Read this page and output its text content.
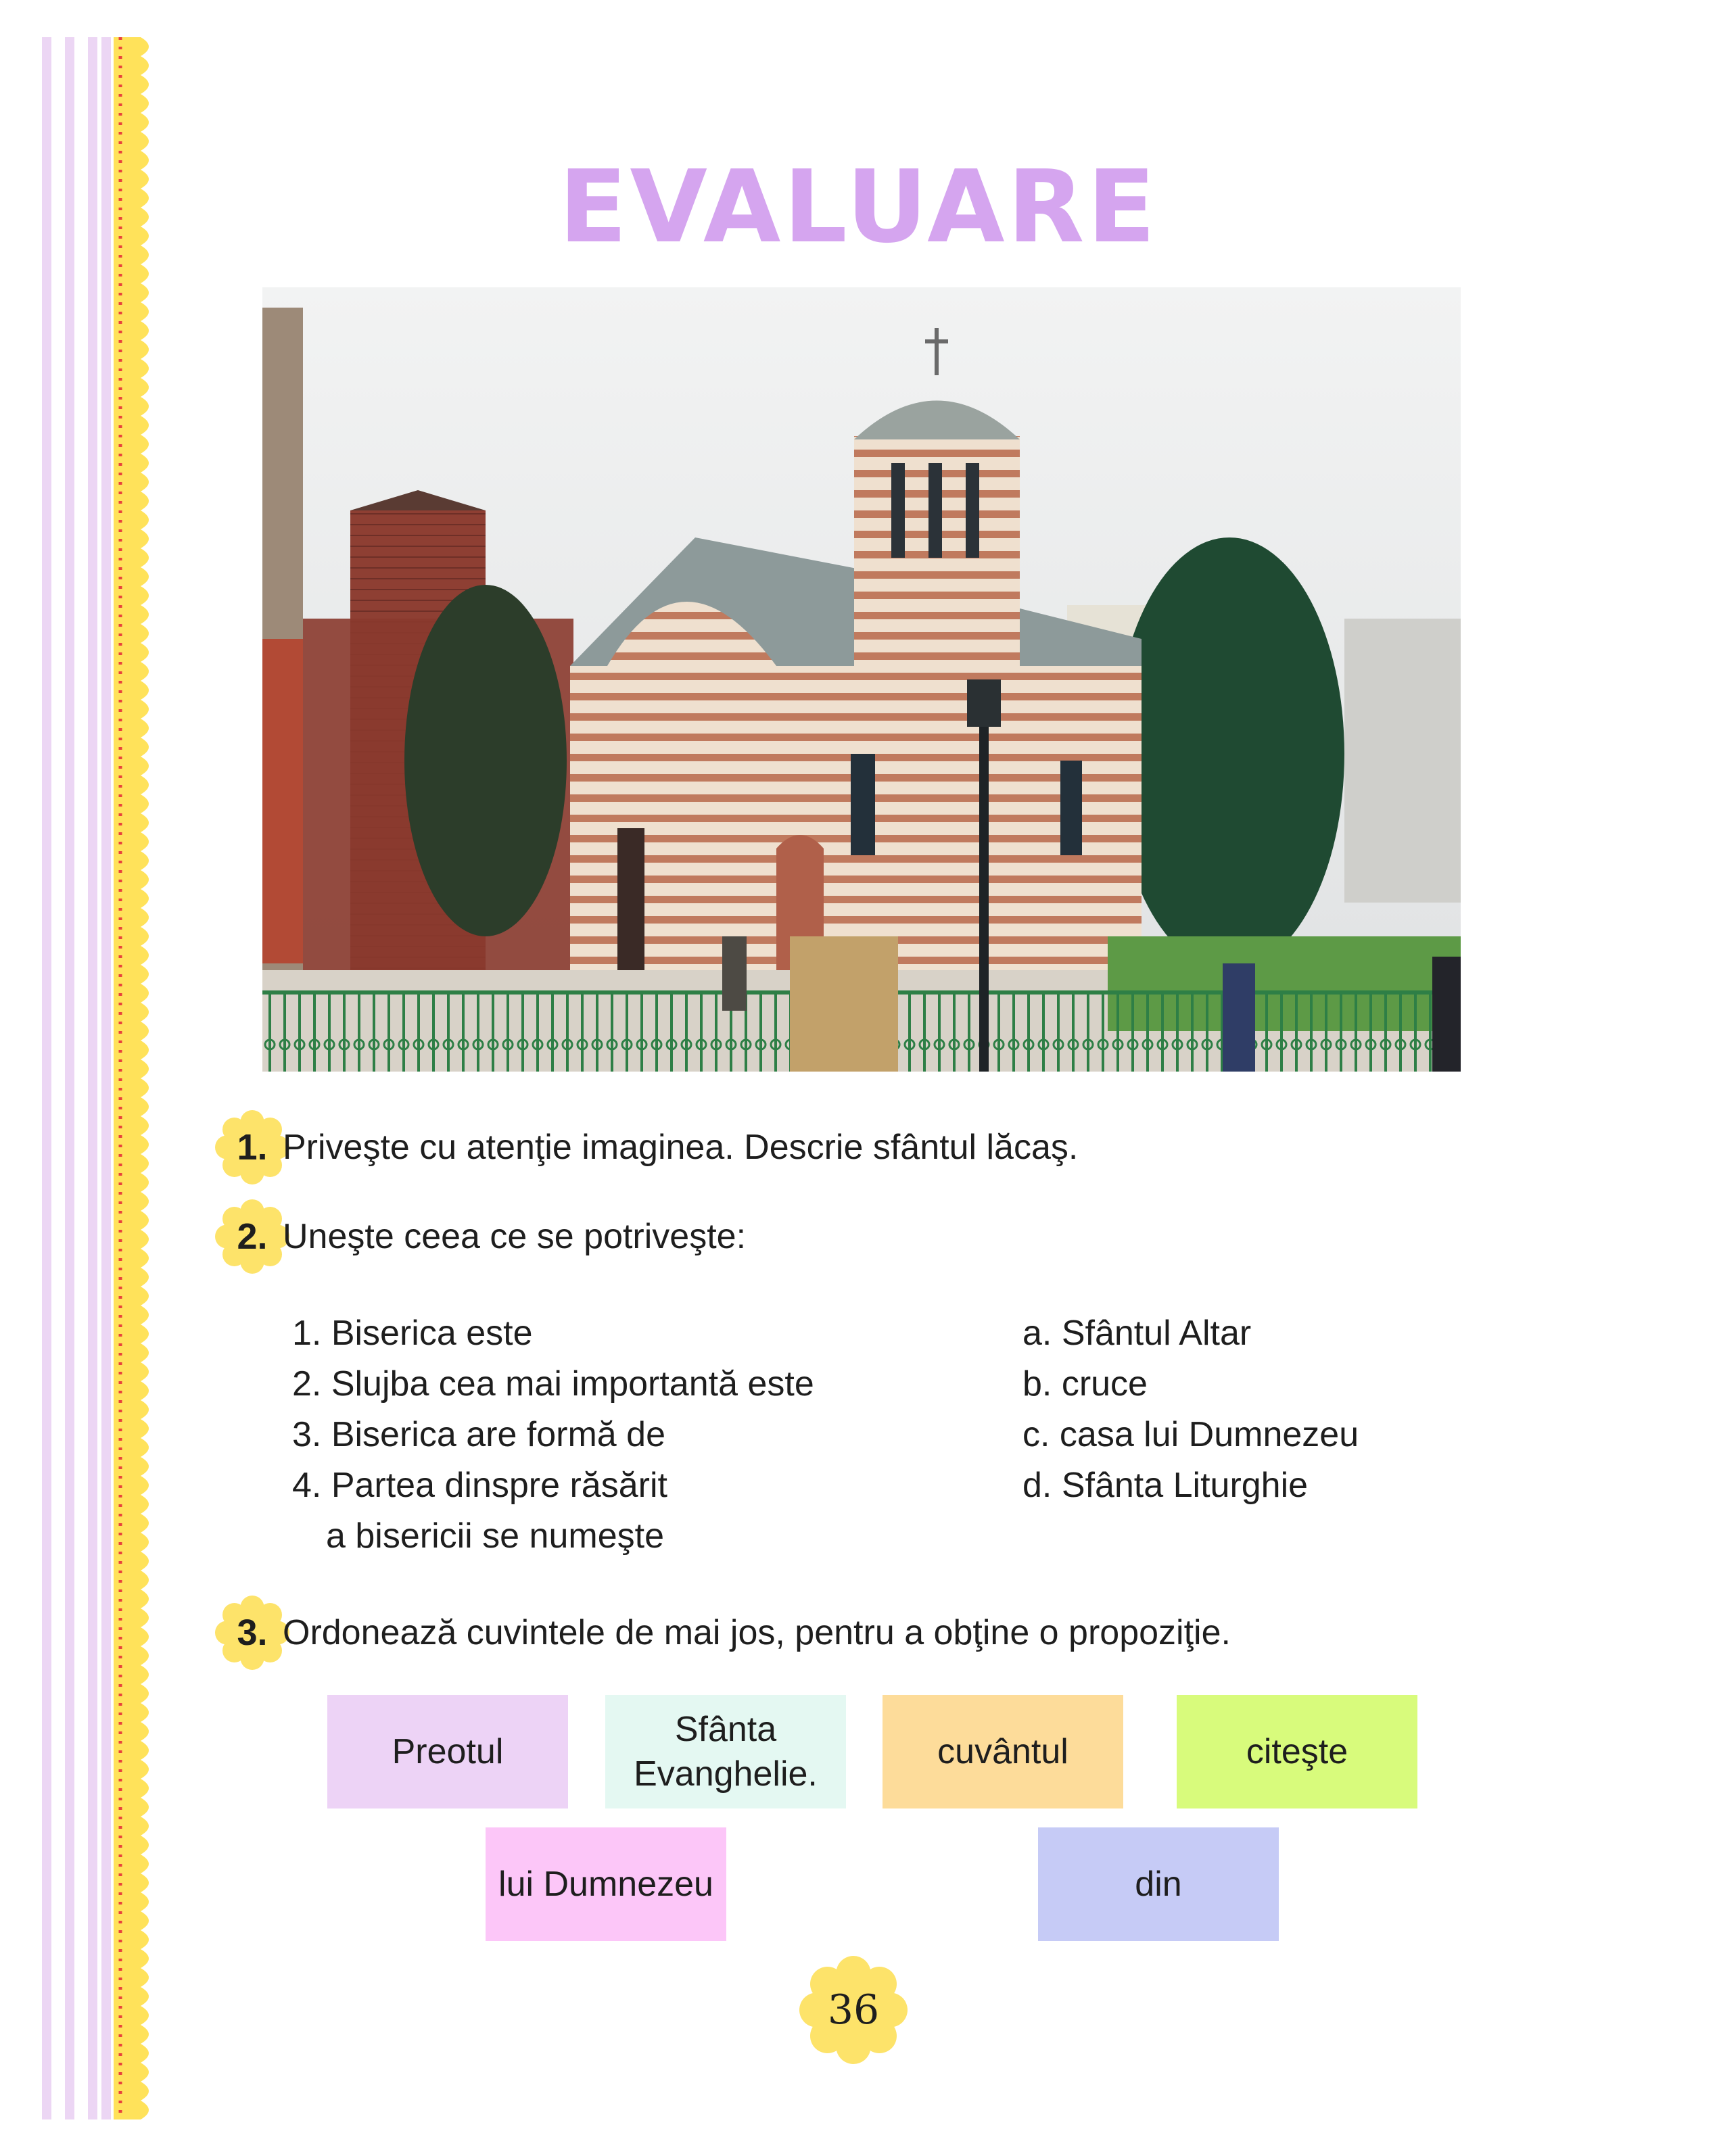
EVALUARE
1. Priveşte cu atenţie imaginea. Descrie sfântul lăcaş.
2. Uneşte ceea ce se potriveşte:
1. Biserica este
2. Slujba cea mai importantă este
3. Biserica are formă de
4. Partea dinspre răsărit
a bisericii se numeşte
a. Sfântul Altar
b. cruce
c. casa lui Dumnezeu
d. Sfânta Liturghie
3. Ordonează cuvintele de mai jos, pentru a obţine o propoziţie.
Preotul
Sfânta Evanghelie.
cuvântul	citeşte
lui Dumnezeu	din
36
